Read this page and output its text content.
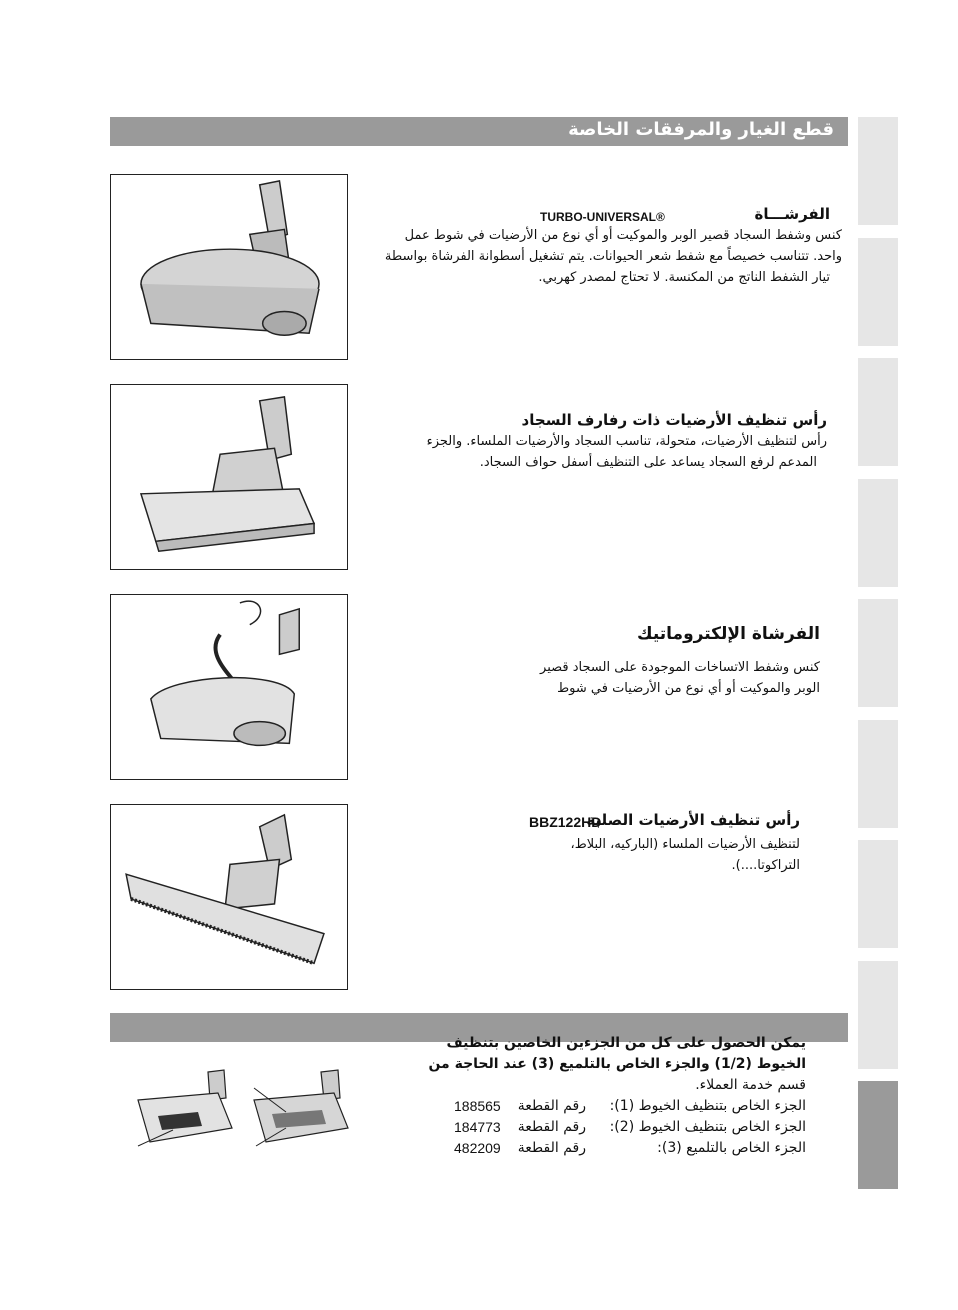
قطع الغيار والمرفقات الخاصة
الفرشـــاة
TURBO-UNIVERSAL®
كنس وشفط السجاد قصير الوبر والموكيت أو أي نوع من الأرضيات في شوط عمل
واحد. تتناسب خصيصاً مع شفط شعر الحيوانات. يتم تشغيل أسطوانة الفرشاة بواسطة
تيار الشفط الناتج من المكنسة. لا تحتاج لمصدر كهربي.
رأس تنظيف الأرضيات ذات رفارف السجاد
رأس لتنظيف الأرضيات، متحولة، تناسب السجاد والأرضيات الملساء. والجزء
المدعم لرفع السجاد يساعد على التنظيف أسفل حواف السجاد.
الفرشاة الإلكتروماتيك
كنس وشفط الاتساخات الموجودة على السجاد قصير
الوبر والموكيت أو أي نوع من الأرضيات في شوط
رأس تنظيف الأرضيات الصلبة
BBZ122HD
لتنظيف الأرضيات الملساء (الباركيه، البلاط،
التراكوتا....).
يمكن الحصول على كل من الجزءين الخاصين بتنظيف
الخيوط (1/2) والجزء الخاص بالتلميع (3) عند الحاجة من
قسم خدمة العملاء.
الجزء الخاص بتنظيف الخيوط (1):
رقم القطعة
188565
الجزء الخاص بتنظيف الخيوط (2):
رقم القطعة
184773
الجزء الخاص بالتلميع (3):
رقم القطعة
482209
